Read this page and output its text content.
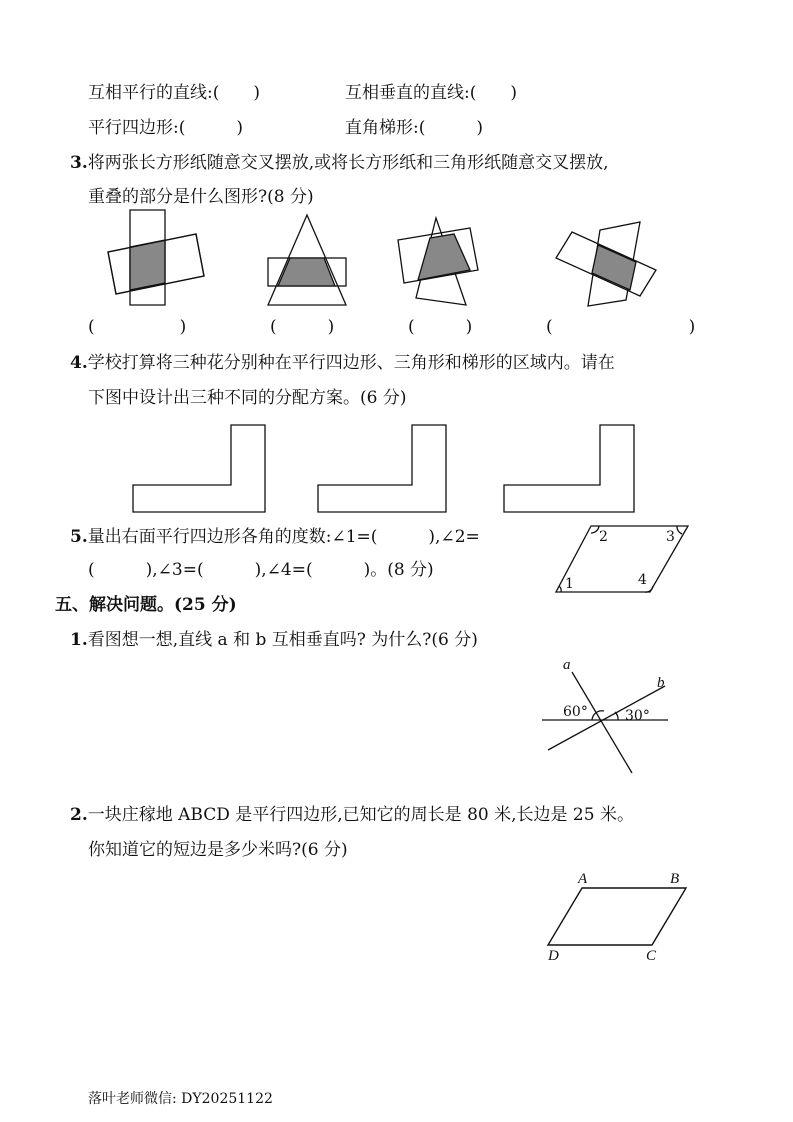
互相平行的直线:(　　)	互相垂直的直线:(　　)
平行四边形:(　　　)	直角梯形:(　　　)
3.将两张长方形纸随意交叉摆放,或将长方形纸和三角形纸随意交叉摆放,
重叠的部分是什么图形?(8 分)
(　　　　　)	(　　　)	(　　　)	(　　　　　　　　)
4.学校打算将三种花分别种在平行四边形、三角形和梯形的区域内。请在
下图中设计出三种不同的分配方案。(6 分)
5.量出右面平行四边形各角的度数:∠1=(　　　),∠2=
(　　　),∠3=(　　　),∠4=(　　　)。(8 分)
1
2	3
4
五、解决问题。(25 分)
1.看图想一想,直线 a 和 b 互相垂直吗? 为什么?(6 分)
a
b
60°	30°
2.一块庄稼地 ABCD 是平行四边形,已知它的周长是 80 米,长边是 25 米。
你知道它的短边是多少米吗?(6 分)
A	B
C
D
落叶老师微信: DY20251122
